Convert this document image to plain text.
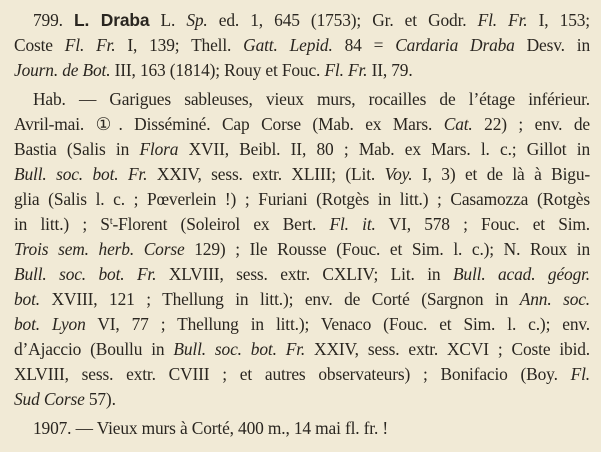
799. L. Draba L. Sp. ed. 1, 645 (1753); Gr. et Godr. Fl. Fr. I, 153;
Coste Fl. Fr. I, 139; Thell. Gatt. Lepid. 84 = Cardaria Draba Desv. in
Journ. de Bot. III, 163 (1814); Rouy et Fouc. Fl. Fr. II, 79.
Hab. — Garigues sableuses, vieux murs, rocailles de l’étage inférieur.
Avril-mai. ①. Disséminé. Cap Corse (Mab. ex Mars. Cat. 22) ; env. de
Bastia (Salis in Flora XVII, Beibl. II, 80 ; Mab. ex Mars. l. c.; Gillot in
Bull. soc. bot. Fr. XXIV, sess. extr. XLIII; (Lit. Voy. I, 3) et de là à Bigu-
glia (Salis l. c. ; Pœverlein !) ; Furiani (Rotgès in litt.) ; Casamozza (Rotgès
in litt.) ; $S^t$-Florent (Soleirol ex Bert. Fl. it. VI, 578 ; Fouc. et Sim.
Trois sem. herb. Corse 129) ; Ile Rousse (Fouc. et Sim. l. c.); N. Roux in
Bull. soc. bot. Fr. XLVIII, sess. extr. CXLIV; Lit. in Bull. acad. géogr.
bot. XVIII, 121 ; Thellung in litt.); env. de Corté (Sargnon in Ann. soc.
bot. Lyon VI, 77 ; Thellung in litt.); Venaco (Fouc. et Sim. l. c.); env.
d’Ajaccio (Boullu in Bull. soc. bot. Fr. XXIV, sess. extr. XCVI ; Coste ibid.
XLVIII, sess. extr. CVIII ; et autres observateurs) ; Bonifacio (Boy. Fl.
Sud Corse 57).
1907. — Vieux murs à Corté, 400 m., 14 mai fl. fr. !
